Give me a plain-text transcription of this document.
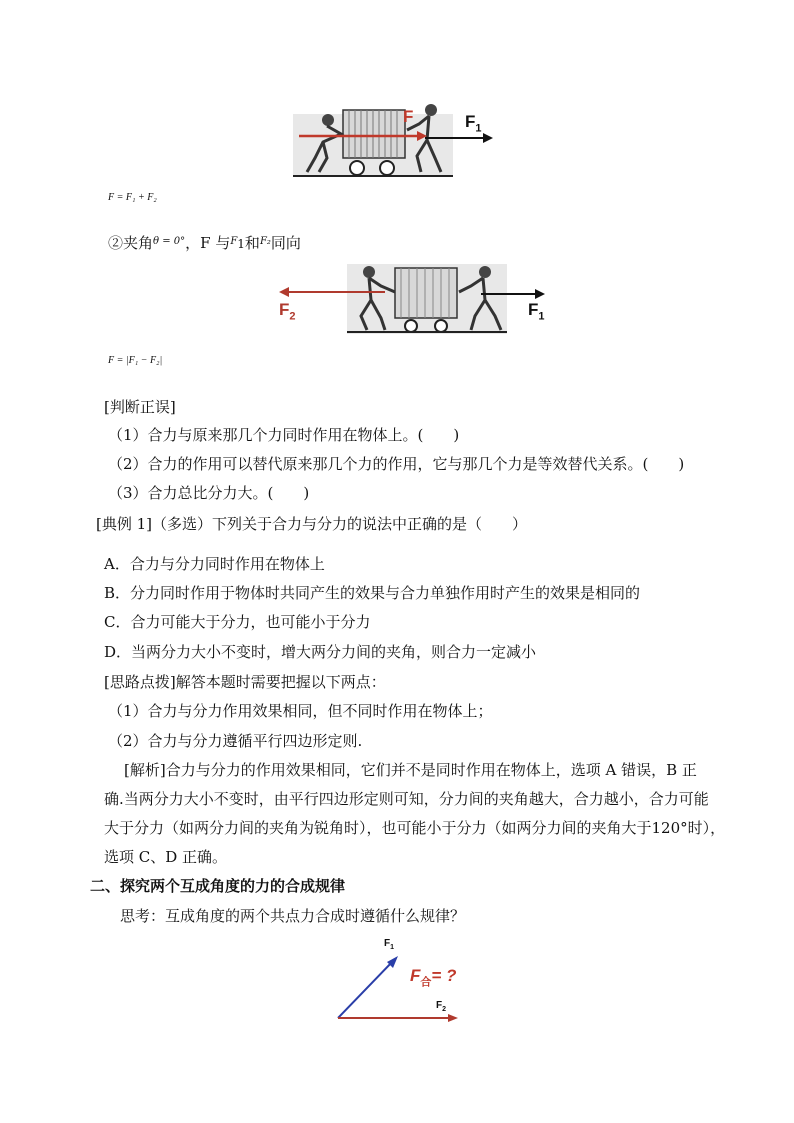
F	$F_1$
F = F₁ + F₂
②夹角$^{\theta = 0^\circ}$，F 与$^F$1和$^{F_2}$同向
$F_2$	$F_1$
F = |F₁ − F₂|
[判断正误]
（1）合力与原来那几个力同时作用在物体上。(　　)
（2）合力的作用可以替代原来那几个力的作用，它与那几个力是等效替代关系。(　　)
（3）合力总比分力大。(　　)
[典例 1]（多选）下列关于合力与分力的说法中正确的是（　　）
A．合力与分力同时作用在物体上
B．分力同时作用于物体时共同产生的效果与合力单独作用时产生的效果是相同的
C．合力可能大于分力，也可能小于分力
D．当两分力大小不变时，增大两分力间的夹角，则合力一定减小
[思路点拨]解答本题时需要把握以下两点：
（1）合力与分力作用效果相同，但不同时作用在物体上；
（2）合力与分力遵循平行四边形定则.
[解析]合力与分力的作用效果相同，它们并不是同时作用在物体上，选项 A 错误，B 正
确.当两分力大小不变时，由平行四边形定则可知，分力间的夹角越大，合力越小，合力可能
大于分力（如两分力间的夹角为锐角时），也可能小于分力（如两分力间的夹角大于120°时），
选项 C、D 正确。
二、探究两个互成角度的力的合成规律
思考：互成角度的两个共点力合成时遵循什么规律？
$F_1$
$F_2$
$F_合=$ ?
